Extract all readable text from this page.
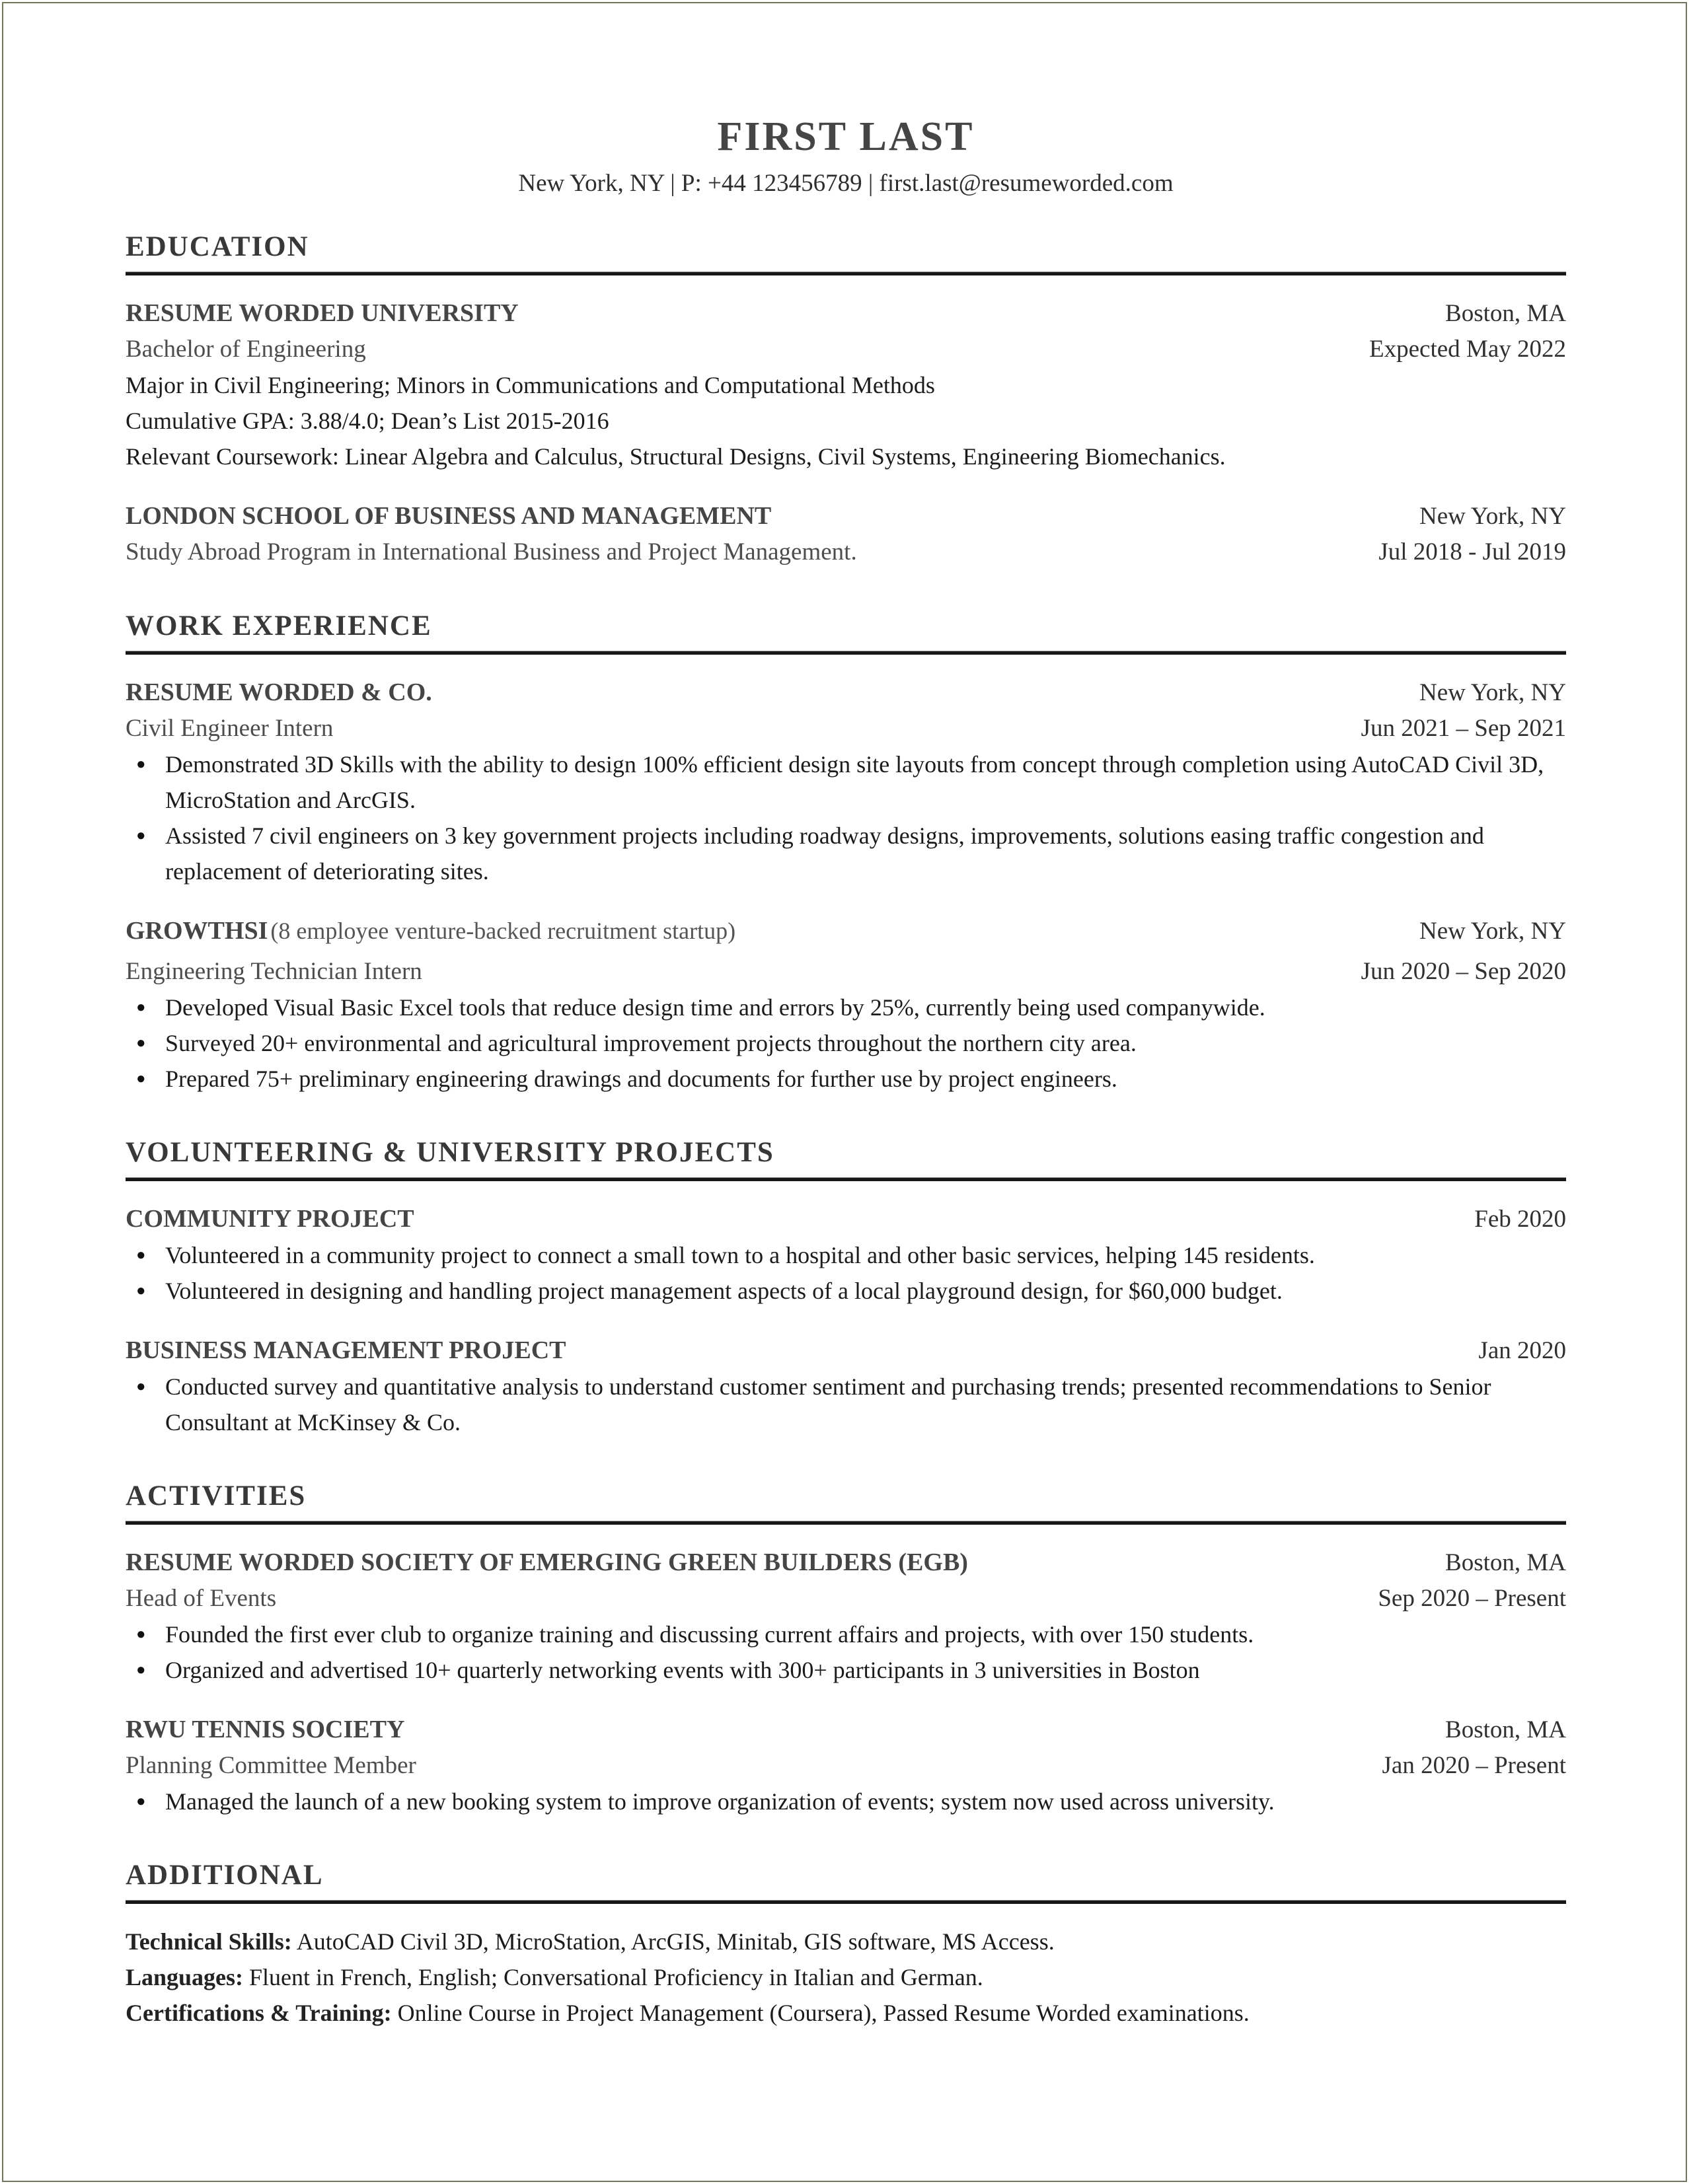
FIRST LAST
New York, NY | P: +44 123456789 | first.last@resumeworded.com
EDUCATION
RESUME WORDED UNIVERSITY	Boston, MA
Bachelor of Engineering	Expected May 2022
Major in Civil Engineering; Minors in Communications and Computational Methods
Cumulative GPA: 3.88/4.0; Dean’s List 2015-2016
Relevant Coursework: Linear Algebra and Calculus, Structural Designs, Civil Systems, Engineering Biomechanics.
LONDON SCHOOL OF BUSINESS AND MANAGEMENT	New York, NY
Study Abroad Program in International Business and Project Management.	Jul 2018 - Jul 2019
WORK EXPERIENCE
RESUME WORDED & CO.	New York, NY
Civil Engineer Intern	Jun 2021 – Sep 2021
● Demonstrated 3D Skills with the ability to design 100% efficient design site layouts from concept through completion using AutoCAD Civil 3D, MicroStation and ArcGIS.
● Assisted 7 civil engineers on 3 key government projects including roadway designs, improvements, solutions easing traffic congestion and replacement of deteriorating sites.
GROWTHSI (8 employee venture-backed recruitment startup)	New York, NY
Engineering Technician Intern	Jun 2020 – Sep 2020
● Developed Visual Basic Excel tools that reduce design time and errors by 25%, currently being used companywide.
● Surveyed 20+ environmental and agricultural improvement projects throughout the northern city area.
● Prepared 75+ preliminary engineering drawings and documents for further use by project engineers.
VOLUNTEERING & UNIVERSITY PROJECTS
COMMUNITY PROJECT	Feb 2020
● Volunteered in a community project to connect a small town to a hospital and other basic services, helping 145 residents.
● Volunteered in designing and handling project management aspects of a local playground design, for $60,000 budget.
BUSINESS MANAGEMENT PROJECT	Jan 2020
● Conducted survey and quantitative analysis to understand customer sentiment and purchasing trends; presented recommendations to Senior Consultant at McKinsey & Co.
ACTIVITIES
RESUME WORDED SOCIETY OF EMERGING GREEN BUILDERS (EGB)	Boston, MA
Head of Events	Sep 2020 – Present
● Founded the first ever club to organize training and discussing current affairs and projects, with over 150 students.
● Organized and advertised 10+ quarterly networking events with 300+ participants in 3 universities in Boston
RWU TENNIS SOCIETY	Boston, MA
Planning Committee Member	Jan 2020 – Present
● Managed the launch of a new booking system to improve organization of events; system now used across university.
ADDITIONAL
Technical Skills: AutoCAD Civil 3D, MicroStation, ArcGIS, Minitab, GIS software, MS Access.
Languages: Fluent in French, English; Conversational Proficiency in Italian and German.
Certifications & Training: Online Course in Project Management (Coursera), Passed Resume Worded examinations.
